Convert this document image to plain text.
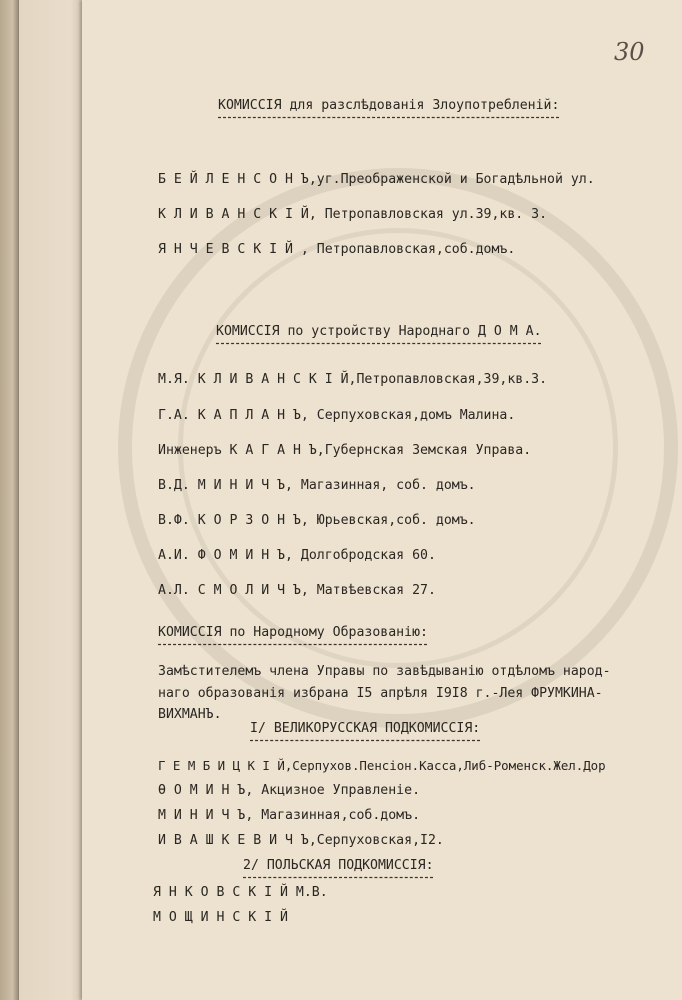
30
КОМИССIЯ для разслѣдованiя Злоупотребленiй:
Б Е Й Л Е Н С О Н Ъ,уг.Преображенской и Богадѣльной ул.
К Л И В А Н С К I Й, Петропавловская ул.39,кв. 3.
Я Н Ч Е В С К I Й , Петропавловская,соб.домъ.
КОМИССIЯ по устройству Народнаго Д О М А.
М.Я. К Л И В А Н С К I Й,Петропавловская,39,кв.3.
Г.А. К А П Л А Н Ъ, Серпуховская,домъ Малина.
Инженеръ К А Г А Н Ъ,Губернская Земская Управа.
В.Д. М И Н И Ч Ъ, Магазинная, соб. домъ.
В.Ф. К О Р З О Н Ъ, Юрьевская,соб. домъ.
А.И. Ф О М И Н Ъ, Долгобродская 60.
А.Л. С М О Л И Ч Ъ, Матвѣевская 27.
КОМИССIЯ по Народному Образованiю:
Замѣстителемъ члена Управы по завѣдыванiю отдѣломъ народ-
наго образованiя избрана I5 апрѣля I9I8 г.-Лея ФРУМКИНА-
ВИХМАНЪ.
I/ ВЕЛИКОРУССКАЯ ПОДКОМИССIЯ:
Г Е М Б И Ц К I Й,Серпухов.Пенсiон.Касса,Либ-Роменск.Жел.Дор
Ѳ О М И Н Ъ, Акцизное Управленiе.
М И Н И Ч Ъ, Магазинная,соб.домъ.
И В А Ш К Е В И Ч Ъ,Серпуховская,I2.
2/ ПОЛЬСКАЯ ПОДКОМИССIЯ:
Я Н К О В С К I Й М.В.
М О Щ И Н С К I Й
